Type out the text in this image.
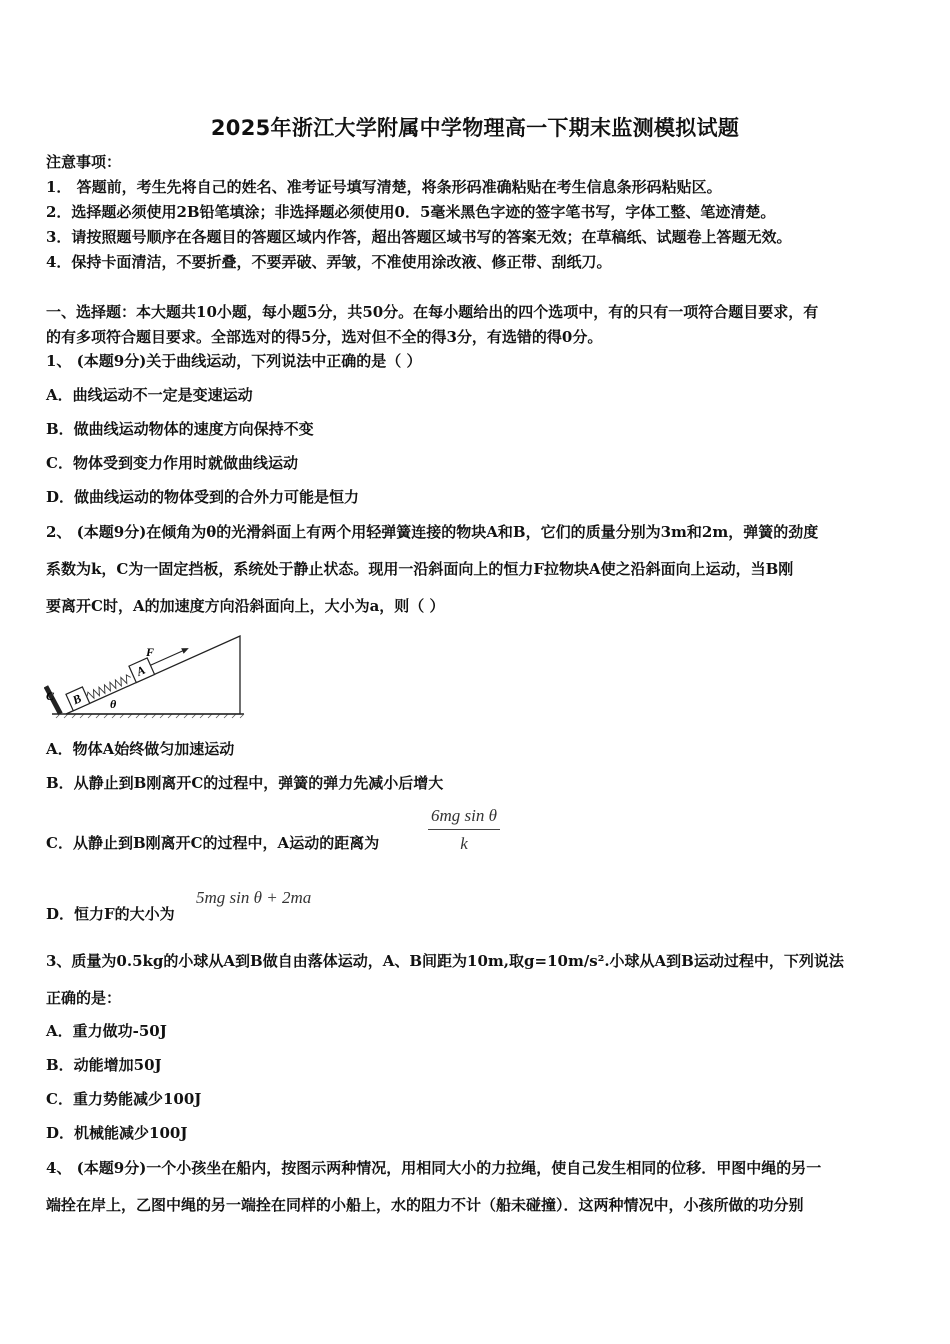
2025年浙江大学附属中学物理高一下期末监测模拟试题
注意事项：
1． 答题前，考生先将自己的姓名、准考证号填写清楚，将条形码准确粘贴在考生信息条形码粘贴区。
2．选择题必须使用2B铅笔填涂；非选择题必须使用0．5毫米黑色字迹的签字笔书写，字体工整、笔迹清楚。
3．请按照题号顺序在各题目的答题区域内作答，超出答题区域书写的答案无效；在草稿纸、试题卷上答题无效。
4．保持卡面清洁，不要折叠，不要弄破、弄皱，不准使用涂改液、修正带、刮纸刀。
一、选择题：本大题共10小题，每小题5分，共50分。在每小题给出的四个选项中，有的只有一项符合题目要求，有
的有多项符合题目要求。全部选对的得5分，选对但不全的得3分，有选错的得0分。
1、 (本题9分)关于曲线运动，下列说法中正确的是（ ）
A．曲线运动不一定是变速运动
B．做曲线运动物体的速度方向保持不变
C．物体受到变力作用时就做曲线运动
D．做曲线运动的物体受到的合外力可能是恒力
2、 (本题9分)在倾角为θ的光滑斜面上有两个用轻弹簧连接的物块A和B，它们的质量分别为3m和2m，弹簧的劲度
系数为k，C为一固定挡板，系统处于静止状态。现用一沿斜面向上的恒力F拉物块A使之沿斜面向上运动，当B刚
要离开C时，A的加速度方向沿斜面向上，大小为a，则（ ）
B
A
C
F
θ
A．物体A始终做匀加速运动
B．从静止到B刚离开C的过程中，弹簧的弹力先减小后增大
C．从静止到B刚离开C的过程中，A运动的距离为	$\frac{\text{6mg sin θ}}{k}$
D．恒力F的大小为
5mg sin θ + 2ma
3、质量为0.5kg的小球从A到B做自由落体运动，A、B间距为10m,取g=10m/s².小球从A到B运动过程中，下列说法
正确的是：
A．重力做功-50J
B．动能增加50J
C．重力势能减少100J
D．机械能减少100J
4、 (本题9分)一个小孩坐在船内，按图示两种情况，用相同大小的力拉绳，使自己发生相同的位移．甲图中绳的另一
端拴在岸上，乙图中绳的另一端拴在同样的小船上，水的阻力不计（船未碰撞）．这两种情况中，小孩所做的功分别
